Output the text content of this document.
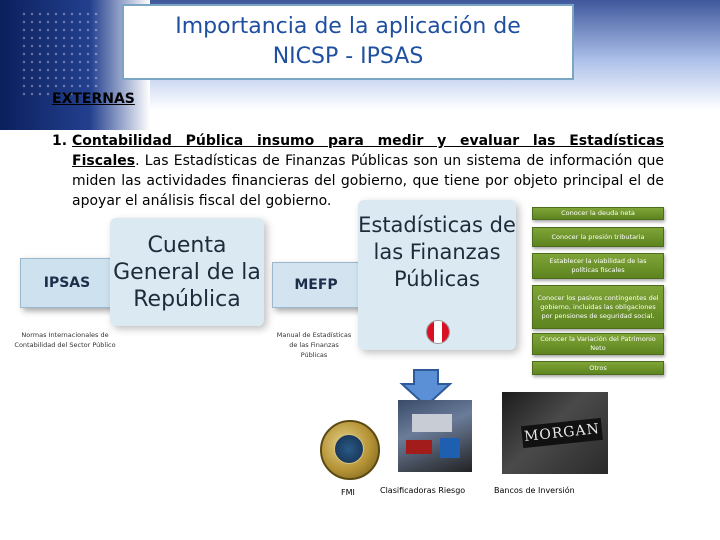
Importancia de la aplicación de
NICSP - IPSAS
EXTERNAS
1. Contabilidad Pública insumo para medir y evaluar las Estadísticas Fiscales. Las Estadísticas de Finanzas Públicas son un sistema de información que miden las actividades financieras del gobierno, que tiene por objeto principal el de apoyar el análisis fiscal del gobierno.
IPSAS
Normas Internacionales de Contabilidad del Sector Público
Cuenta General de la República
MEFP
Manual de Estadísticas de las Finanzas Públicas
Estadísticas de las Finanzas Públicas
Conocer la deuda neta
Conocer la presión tributaria
Establecer la viabilidad de las políticas fiscales
Conocer los pasivos contingentes del gobierno, incluidas las obligaciones por pensiones de seguridad social.
Conocer la Variación del Patrimonio Neto
Otros
MORGAN
FMI	Clasificadoras Riesgo	Bancos de Inversión
